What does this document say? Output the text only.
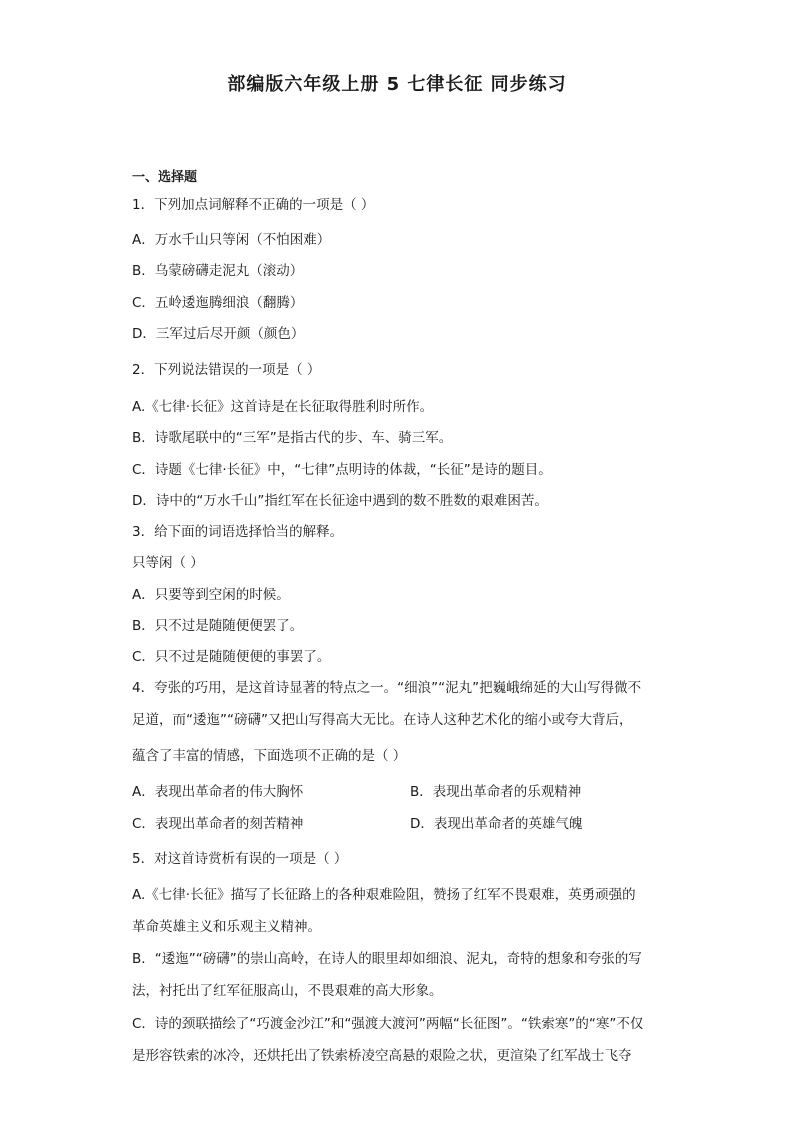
部编版六年级上册 5 七律长征 同步练习
一、选择题
1．下列加点词解释不正确的一项是（ ）
A．万水千山只等闲（不怕困难）
B．乌蒙磅礴走泥丸（滚动）
C．五岭逶迤腾细浪（翻腾）
D．三军过后尽开颜（颜色）
2．下列说法错误的一项是（ ）
A.《七律·长征》这首诗是在长征取得胜利时所作。
B．诗歌尾联中的“三军”是指古代的步、车、骑三军。
C．诗题《七律·长征》中，“七律”点明诗的体裁，“长征”是诗的题目。
D．诗中的“万水千山”指红军在长征途中遇到的数不胜数的艰难困苦。
3．给下面的词语选择恰当的解释。
只等闲（ ）
A．只要等到空闲的时候。
B．只不过是随随便便罢了。
C．只不过是随随便便的事罢了。
4．夸张的巧用，是这首诗显著的特点之一。“细浪”“泥丸”把巍峨绵延的大山写得微不
足道，而“逶迤”“磅礴”又把山写得高大无比。在诗人这种艺术化的缩小或夸大背后，
蕴含了丰富的情感，下面选项不正确的是（ ）
A．表现出革命者的伟大胸怀	B．表现出革命者的乐观精神
C．表现出革命者的刻苦精神	D．表现出革命者的英雄气魄
5．对这首诗赏析有误的一项是（ ）
A.《七律·长征》描写了长征路上的各种艰难险阻，赞扬了红军不畏艰难，英勇顽强的
革命英雄主义和乐观主义精神。
B．“逶迤”“磅礴”的崇山高岭，在诗人的眼里却如细浪、泥丸，奇特的想象和夸张的写
法，衬托出了红军征服高山，不畏艰难的高大形象。
C．诗的颈联描绘了“巧渡金沙江”和“强渡大渡河”两幅“长征图”。“铁索寒”的“寒”不仅
是形容铁索的冰冷，还烘托出了铁索桥凌空高悬的艰险之状，更渲染了红军战士飞夺
